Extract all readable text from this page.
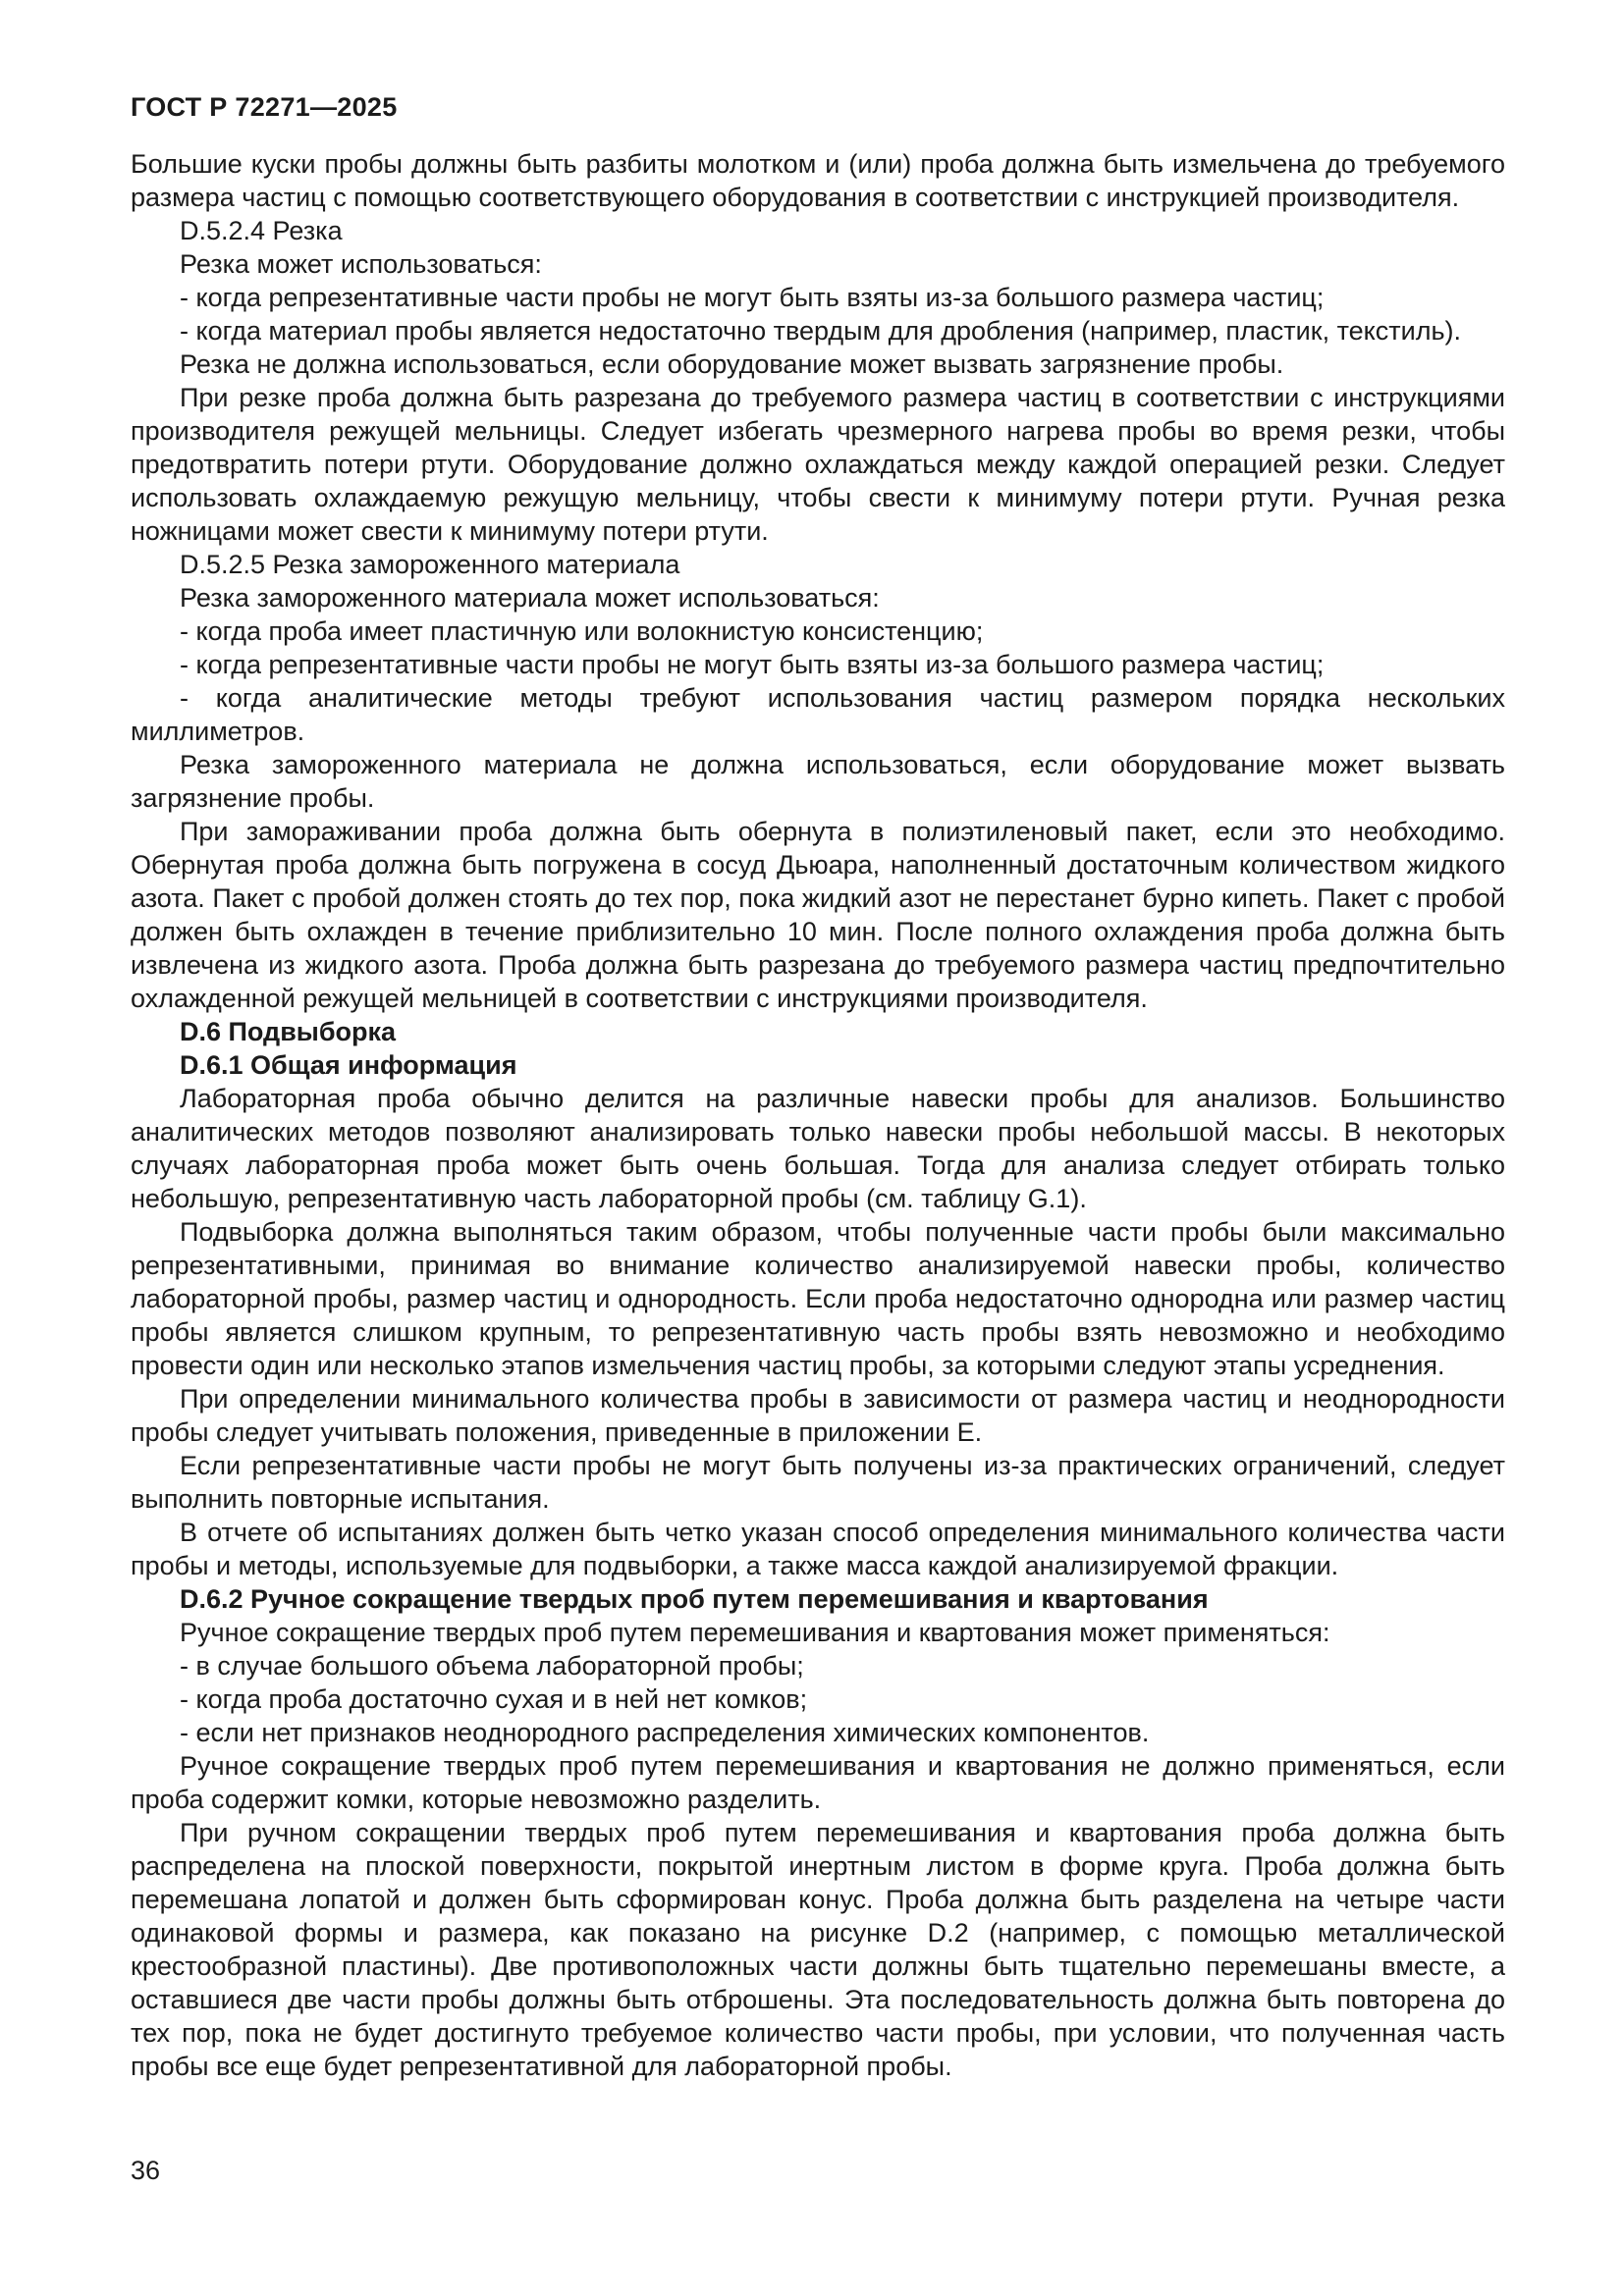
ГОСТ Р 72271—2025

Большие куски пробы должны быть разбиты молотком и (или) проба должна быть измельчена до требуемого размера частиц с помощью соответствующего оборудования в соответствии с инструкцией производителя.

D.5.2.4 Резка

Резка может использоваться:

- когда репрезентативные части пробы не могут быть взяты из-за большого размера частиц;

- когда материал пробы является недостаточно твердым для дробления (например, пластик, текстиль).

Резка не должна использоваться, если оборудование может вызвать загрязнение пробы.

При резке проба должна быть разрезана до требуемого размера частиц в соответствии с инструкциями производителя режущей мельницы. Следует избегать чрезмерного нагрева пробы во время резки, чтобы предотвратить потери ртути. Оборудование должно охлаждаться между каждой операцией резки. Следует использовать охлаждаемую режущую мельницу, чтобы свести к минимуму потери ртути. Ручная резка ножницами может свести к минимуму потери ртути.

D.5.2.5 Резка замороженного материала

Резка замороженного материала может использоваться:

- когда проба имеет пластичную или волокнистую консистенцию;

- когда репрезентативные части пробы не могут быть взяты из-за большого размера частиц;

- когда аналитические методы требуют использования частиц размером порядка нескольких миллиметров.

Резка замороженного материала не должна использоваться, если оборудование может вызвать загрязнение пробы.

При замораживании проба должна быть обернута в полиэтиленовый пакет, если это необходимо. Обернутая проба должна быть погружена в сосуд Дьюара, наполненный достаточным количеством жидкого азота. Пакет с пробой должен стоять до тех пор, пока жидкий азот не перестанет бурно кипеть. Пакет с пробой должен быть охлажден в течение приблизительно 10 мин. После полного охлаждения проба должна быть извлечена из жидкого азота. Проба должна быть разрезана до требуемого размера частиц предпочтительно охлажденной режущей мельницей в соответствии с инструкциями производителя.

D.6 Подвыборка

D.6.1 Общая информация

Лабораторная проба обычно делится на различные навески пробы для анализов. Большинство аналитических методов позволяют анализировать только навески пробы небольшой массы. В некоторых случаях лабораторная проба может быть очень большая. Тогда для анализа следует отбирать только небольшую, репрезентативную часть лабораторной пробы (см. таблицу G.1).

Подвыборка должна выполняться таким образом, чтобы полученные части пробы были максимально репрезентативными, принимая во внимание количество анализируемой навески пробы, количество лабораторной пробы, размер частиц и однородность. Если проба недостаточно однородна или размер частиц пробы является слишком крупным, то репрезентативную часть пробы взять невозможно и необходимо провести один или несколько этапов измельчения частиц пробы, за которыми следуют этапы усреднения.

При определении минимального количества пробы в зависимости от размера частиц и неоднородности пробы следует учитывать положения, приведенные в приложении E.

Если репрезентативные части пробы не могут быть получены из-за практических ограничений, следует выполнить повторные испытания.

В отчете об испытаниях должен быть четко указан способ определения минимального количества части пробы и методы, используемые для подвыборки, а также масса каждой анализируемой фракции.

D.6.2 Ручное сокращение твердых проб путем перемешивания и квартования

Ручное сокращение твердых проб путем перемешивания и квартования может применяться:

- в случае большого объема лабораторной пробы;

- когда проба достаточно сухая и в ней нет комков;

- если нет признаков неоднородного распределения химических компонентов.

Ручное сокращение твердых проб путем перемешивания и квартования не должно применяться, если проба содержит комки, которые невозможно разделить.

При ручном сокращении твердых проб путем перемешивания и квартования проба должна быть распределена на плоской поверхности, покрытой инертным листом в форме круга. Проба должна быть перемешана лопатой и должен быть сформирован конус. Проба должна быть разделена на четыре части одинаковой формы и размера, как показано на рисунке D.2 (например, с помощью металлической крестообразной пластины). Две противоположных части должны быть тщательно перемешаны вместе, а оставшиеся две части пробы должны быть отброшены. Эта последовательность должна быть повторена до тех пор, пока не будет достигнуто требуемое количество части пробы, при условии, что полученная часть пробы все еще будет репрезентативной для лабораторной пробы.

36
